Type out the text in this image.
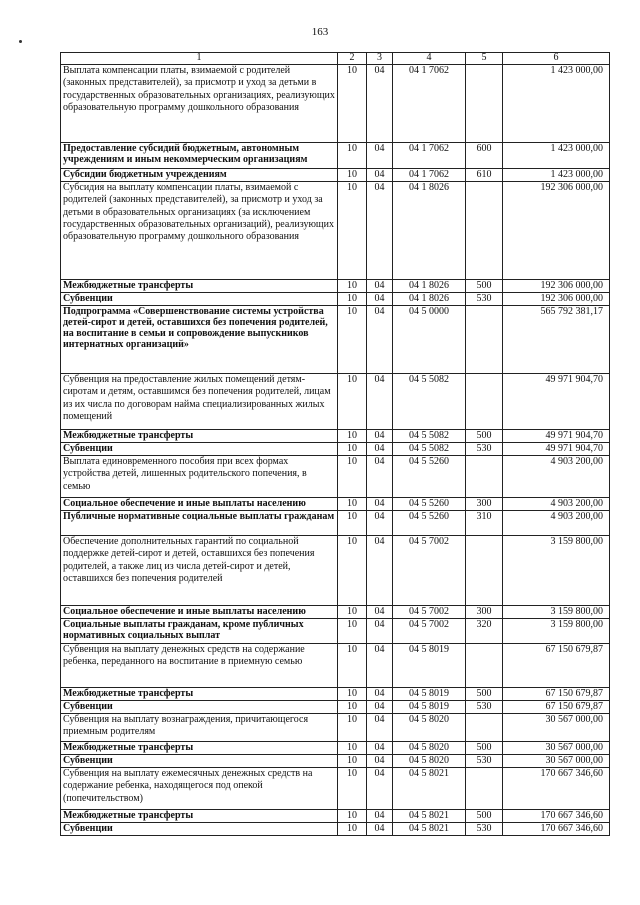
163
1	2	3	4	5	6
Выплата компенсации платы, взимаемой с родителей (законных представителей), за присмотр и уход за детьми в государственных образовательных организациях, реализующих образовательную программу дошкольного образования	10	04	04 1 7062		1 423 000,00
Предоставление субсидий бюджетным, автономным учреждениям и иным некоммерческим организациям	10	04	04 1 7062	600	1 423 000,00
Субсидии бюджетным учреждениям	10	04	04 1 7062	610	1 423 000,00
Субсидия на выплату компенсации платы, взимаемой с родителей (законных представителей), за присмотр и уход за детьми в образовательных организациях (за исключением государственных образовательных организаций), реализующих образовательную программу дошкольного образования	10	04	04 1 8026		192 306 000,00
Межбюджетные трансферты	10	04	04 1 8026	500	192 306 000,00
Субвенции	10	04	04 1 8026	530	192 306 000,00
Подпрограмма «Совершенствование системы устройства детей-сирот и детей, оставшихся без попечения родителей, на воспитание в семьи и сопровождение выпускников интернатных организаций»	10	04	04 5 0000		565 792 381,17
Субвенция на предоставление жилых помещений детям-сиротам и детям, оставшимся без попечения родителей, лицам из их числа по договорам найма специализированных жилых помещений	10	04	04 5 5082		49 971 904,70
Межбюджетные трансферты	10	04	04 5 5082	500	49 971 904,70
Субвенции	10	04	04 5 5082	530	49 971 904,70
Выплата единовременного пособия при всех формах устройства детей, лишенных родительского попечения, в семью	10	04	04 5 5260		4 903 200,00
Социальное обеспечение и иные выплаты населению	10	04	04 5 5260	300	4 903 200,00
Публичные нормативные социальные выплаты гражданам	10	04	04 5 5260	310	4 903 200,00
Обеспечение дополнительных гарантий по социальной поддержке детей-сирот и детей, оставшихся без попечения родителей, а также лиц из числа детей-сирот и детей, оставшихся без попечения родителей	10	04	04 5 7002		3 159 800,00
Социальное обеспечение и иные выплаты населению	10	04	04 5 7002	300	3 159 800,00
Социальные выплаты гражданам, кроме публичных нормативных социальных выплат	10	04	04 5 7002	320	3 159 800,00
Субвенция на выплату денежных средств на содержание ребенка, переданного на воспитание в приемную семью	10	04	04 5 8019		67 150 679,87
Межбюджетные трансферты	10	04	04 5 8019	500	67 150 679,87
Субвенции	10	04	04 5 8019	530	67 150 679,87
Субвенция на выплату вознаграждения, причитающегося приемным родителям	10	04	04 5 8020		30 567 000,00
Межбюджетные трансферты	10	04	04 5 8020	500	30 567 000,00
Субвенции	10	04	04 5 8020	530	30 567 000,00
Субвенция на выплату ежемесячных денежных средств на содержание ребенка, находящегося под опекой (попечительством)	10	04	04 5 8021		170 667 346,60
Межбюджетные трансферты	10	04	04 5 8021	500	170 667 346,60
Субвенции	10	04	04 5 8021	530	170 667 346,60
